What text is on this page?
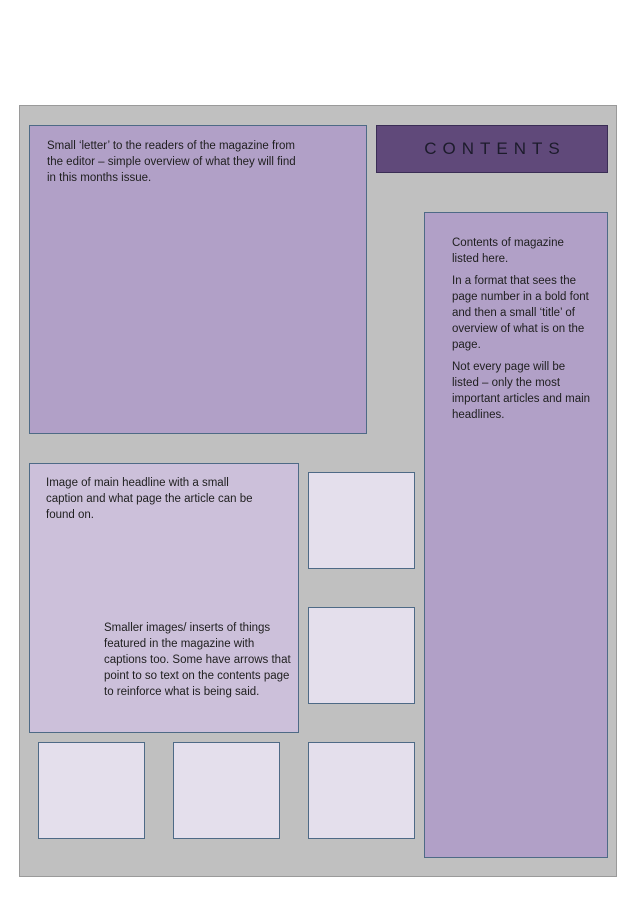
Small ‘letter’ to the readers of the magazine from the editor – simple overview of what they will find in this months issue.
CONTENTS

Contents of magazine listed here.

In a format that sees the page number in a bold font and then a small ‘title’ of overview of what is on the page.

Not every page will be listed – only the most important articles and main headlines.

Image of main headline with a small caption and what page the article can be found on.
Smaller images/ inserts of things featured in the magazine with captions too. Some have arrows that point to so text on the contents page to reinforce what is being said.
